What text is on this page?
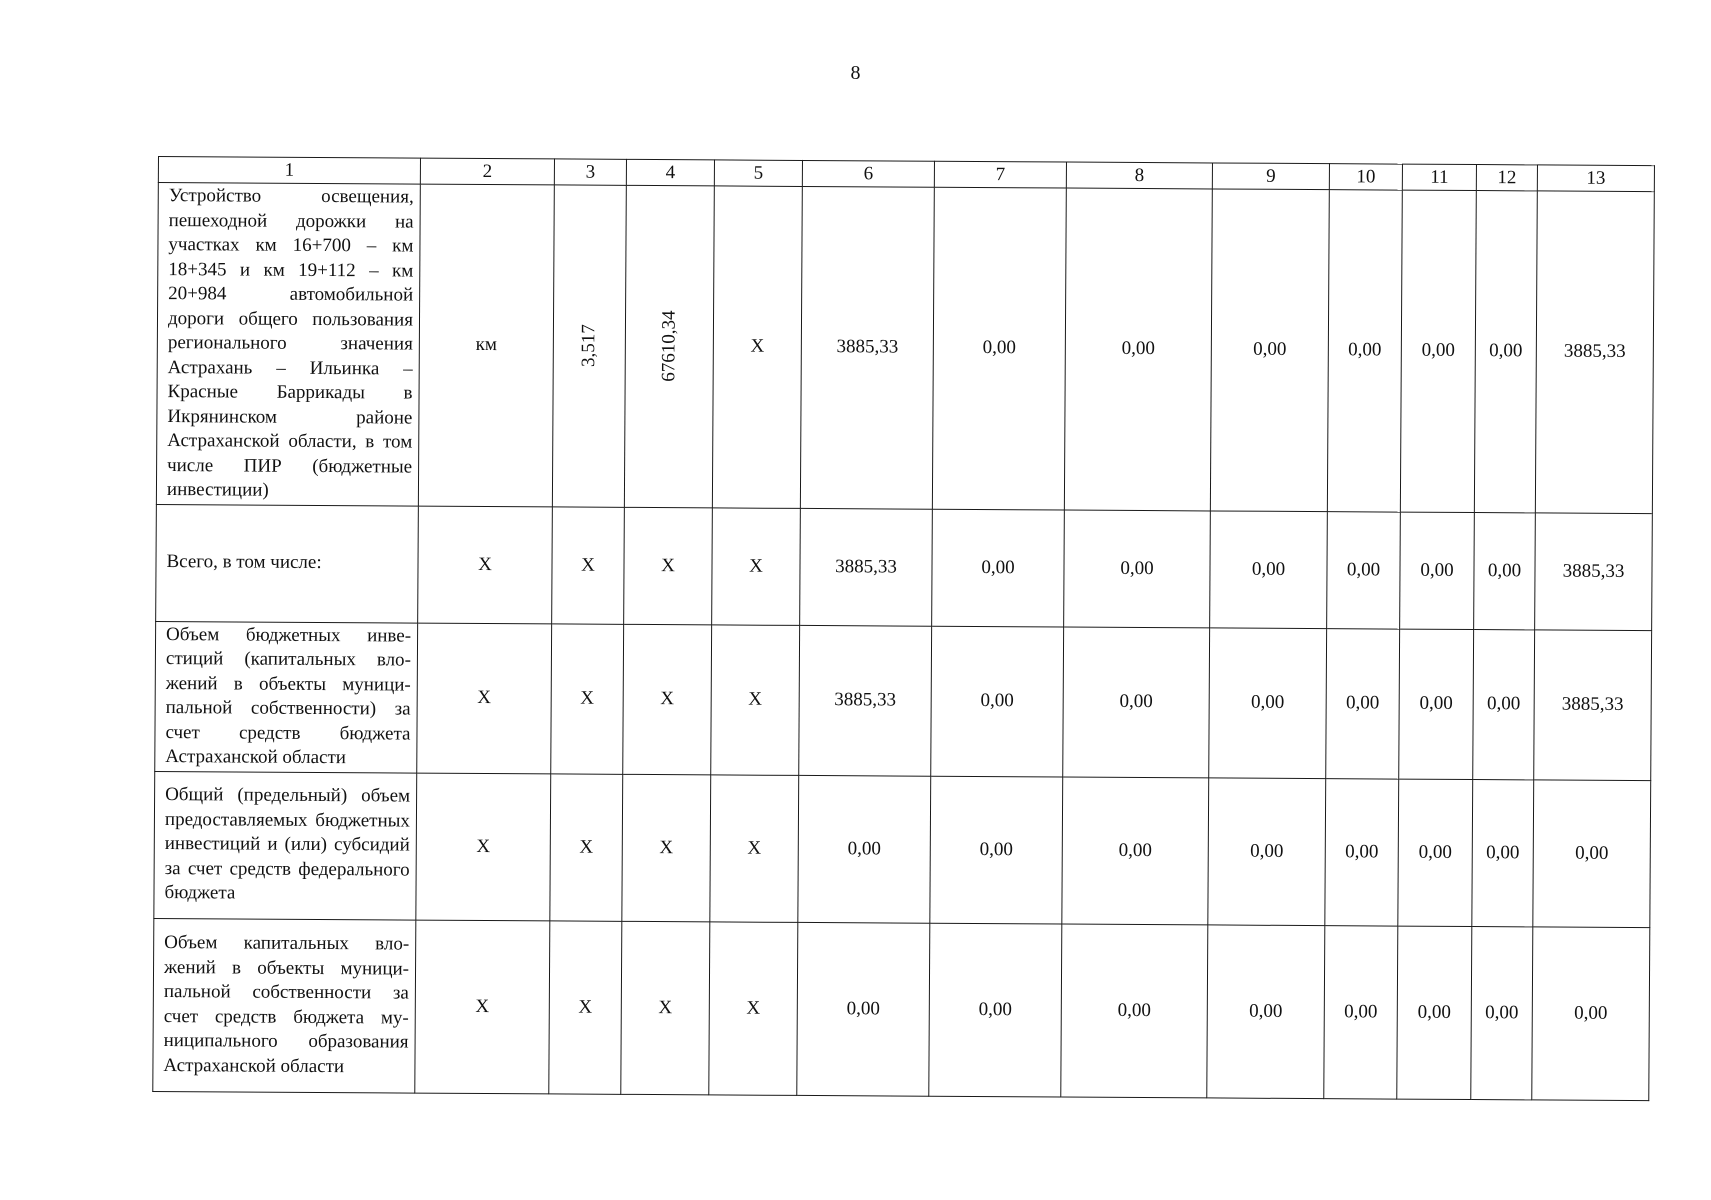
8
1	2	3	4	5	6	7	8	9	10	11	12	13
Устройство освещения, пешеходной дорожки на участках км 16+700 – км 18+345 и км 19+112 – км 20+984 автомобильной дороги общего пользования регионального значения Астрахань – Ильинка – Красные Баррикады в Икрянинском районе Астраханской области, в том числе ПИР (бюджетные инвестиции)	км	3,517	67610,34	X	3885,33	0,00	0,00	0,00	0,00	0,00	0,00	3885,33
Всего, в том числе:	X	X	X	X	3885,33	0,00	0,00	0,00	0,00	0,00	0,00	3885,33
Объем бюджетных инвестиций (капитальных вложений в объекты муниципальной собственности) за счет средств бюджета Астраханской области	X	X	X	X	3885,33	0,00	0,00	0,00	0,00	0,00	0,00	3885,33
Общий (предельный) объем предоставляемых бюджетных инвестиций и (или) субсидий за счет средств федерального бюджета	X	X	X	X	0,00	0,00	0,00	0,00	0,00	0,00	0,00	0,00
Объем капитальных вложений в объекты муниципальной собственности за счет средств бюджета муниципального образования Астраханской области	X	X	X	X	0,00	0,00	0,00	0,00	0,00	0,00	0,00	0,00
